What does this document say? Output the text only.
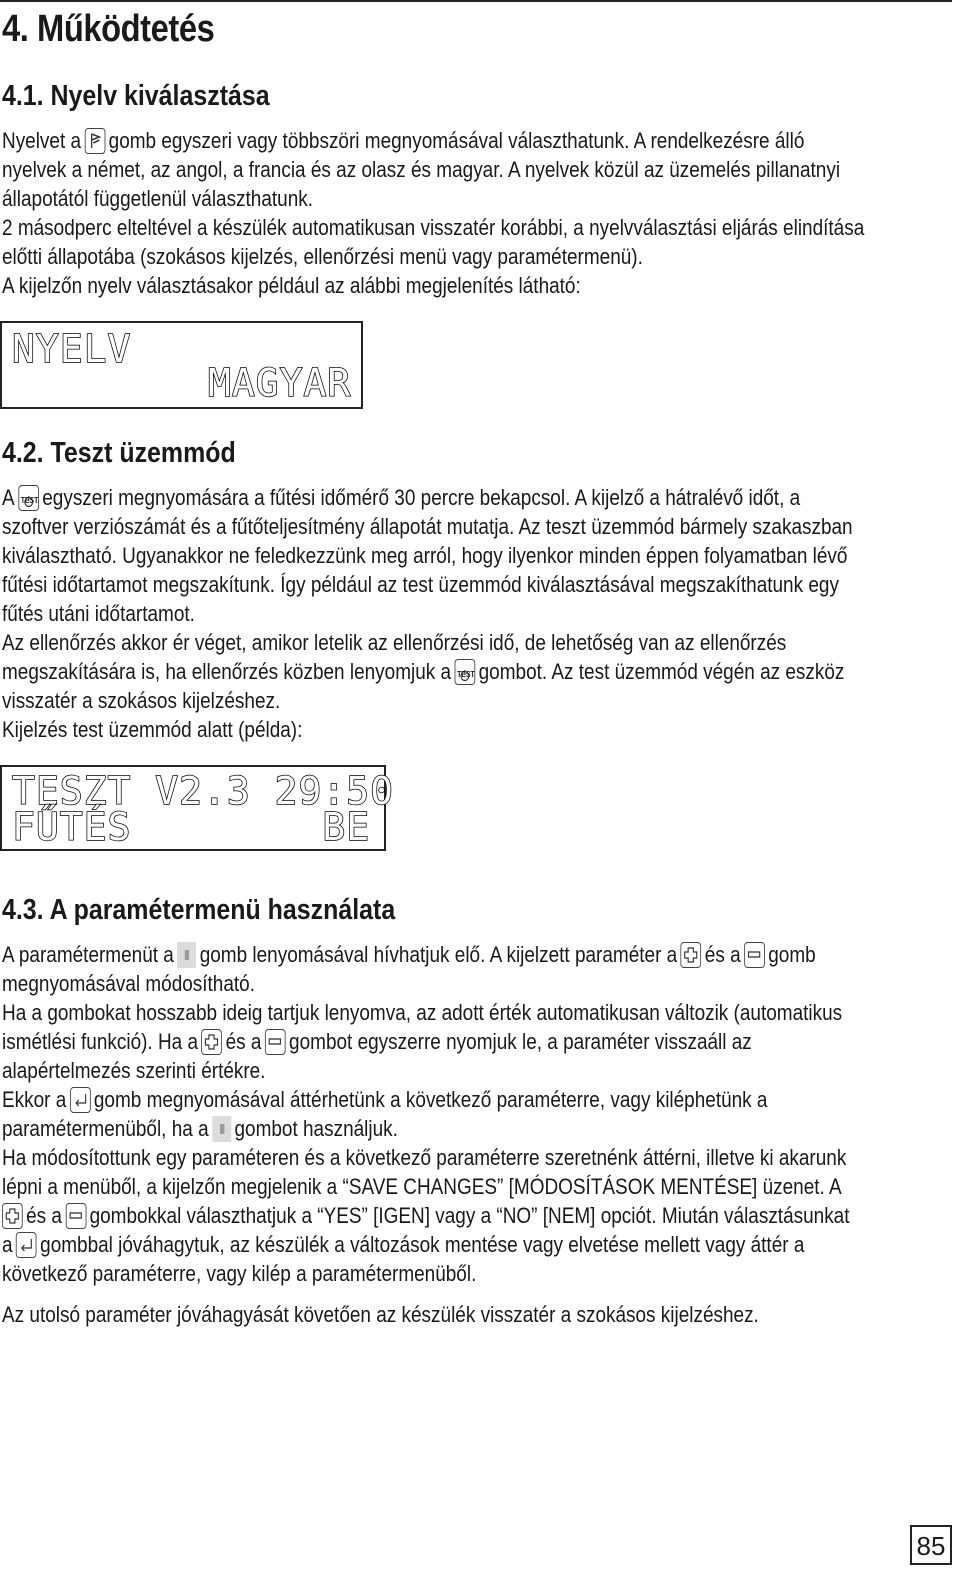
4. Működtetés
4.1. Nyelv kiválasztása
Nyelvet a gomb egyszeri vagy többszöri megnyomásával választhatunk. A rendelkezésre álló
nyelvek a német, az angol, a francia és az olasz és magyar. A nyelvek közül az üzemelés pillanatnyi
állapotától függetlenül választhatunk.
2 másodperc elteltével a készülék automatikusan visszatér korábbi, a nyelvválasztási eljárás elindítása
előtti állapotába (szokásos kijelzés, ellenőrzési menü vagy paramétermenü).
A kijelzőn nyelv választásakor például az alábbi megjelenítés látható:
NYELV
MAGYAR
4.2. Teszt üzemmód
A TEST egyszeri megnyomására a fűtési időmérő 30 percre bekapcsol. A kijelző a hátralévő időt, a
szoftver verziószámát és a fűtőteljesítmény állapotát mutatja. Az teszt üzemmód bármely szakaszban
kiválasztható. Ugyanakkor ne feledkezzünk meg arról, hogy ilyenkor minden éppen folyamatban lévő
fűtési időtartamot megszakítunk. Így például az test üzemmód kiválasztásával megszakíthatunk egy
fűtés utáni időtartamot.
Az ellenőrzés akkor ér véget, amikor letelik az ellenőrzési idő, de lehetőség van az ellenőrzés
megszakítására is, ha ellenőrzés közben lenyomjuk a TEST gombot. Az test üzemmód végén az eszköz
visszatér a szokásos kijelzéshez.
Kijelzés test üzemmód alatt (példa):
TESZT V2.3 29:50
FŰTÉS        BE
4.3. A paramétermenü használata
A paramétermenüt a gomb lenyomásával hívhatjuk elő. A kijelzett paraméter a és a gomb
megnyomásával módosítható.
Ha a gombokat hosszabb ideig tartjuk lenyomva, az adott érték automatikusan változik (automatikus
ismétlési funkció). Ha a és a gombot egyszerre nyomjuk le, a paraméter visszaáll az
alapértelmezés szerinti értékre.
Ekkor a gomb megnyomásával áttérhetünk a következő paraméterre, vagy kiléphetünk a
paramétermenüből, ha a gombot használjuk.
Ha módosítottunk egy paraméteren és a következő paraméterre szeretnénk áttérni, illetve ki akarunk
lépni a menüből, a kijelzőn megjelenik a “SAVE CHANGES” [MÓDOSÍTÁSOK MENTÉSE] üzenet. A
és a gombokkal választhatjuk a “YES” [IGEN] vagy a “NO” [NEM] opciót. Miután választásunkat
a gombbal jóváhagytuk, az készülék a változások mentése vagy elvetése mellett vagy áttér a
következő paraméterre, vagy kilép a paramétermenüből.
Az utolsó paraméter jóváhagyását követően az készülék visszatér a szokásos kijelzéshez.
85
